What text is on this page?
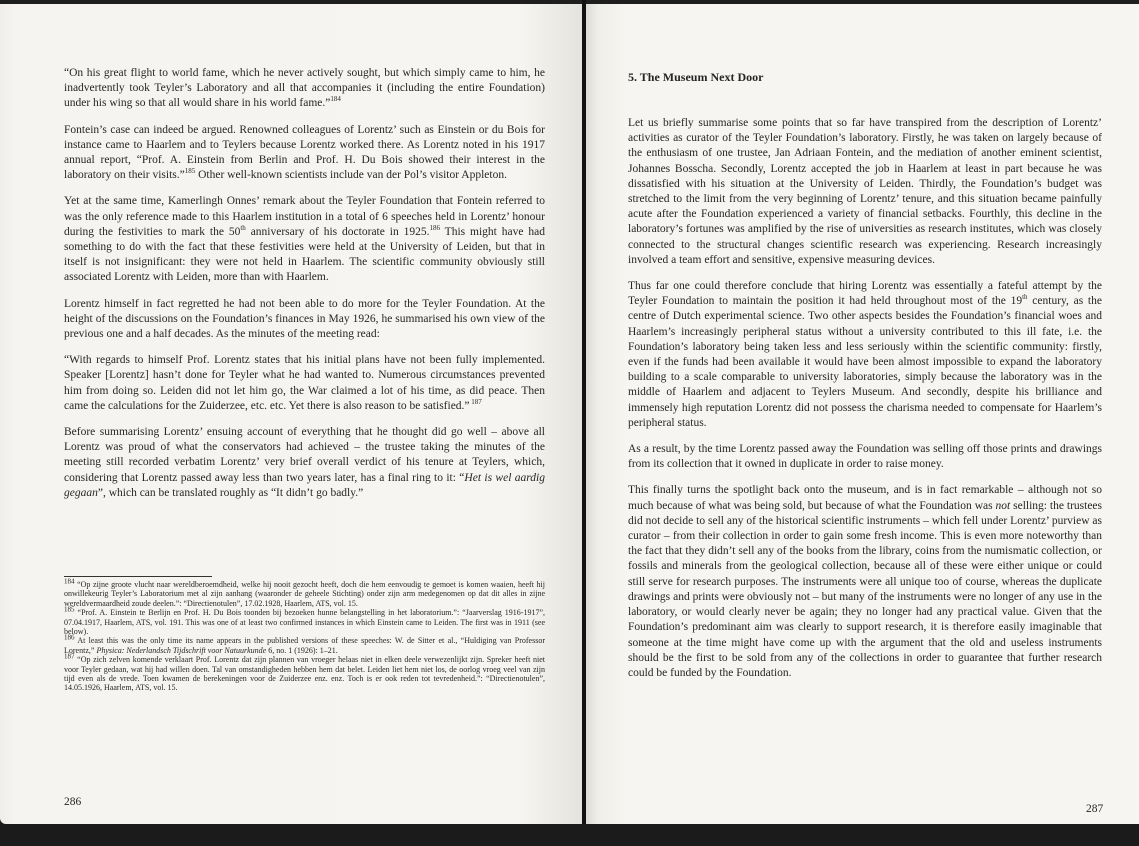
“On his great flight to world fame, which he never actively sought, but which simply came to him, he inadvertently took Teyler’s Laboratory and all that accompanies it (including the entire Foundation) under his wing so that all would share in his world fame.”$^{184}$

Fontein’s case can indeed be argued. Renowned colleagues of Lorentz’ such as Einstein or du Bois for instance came to Haarlem and to Teylers because Lorentz worked there. As Lorentz noted in his 1917 annual report, “Prof. A. Einstein from Berlin and Prof. H. Du Bois showed their interest in the laboratory on their visits.”$^{185}$ Other well-known scientists include van der Pol’s visitor Appleton.

Yet at the same time, Kamerlingh Onnes’ remark about the Teyler Foundation that Fontein referred to was the only reference made to this Haarlem institution in a total of 6 speeches held in Lorentz’ honour during the festivities to mark the 50th anniversary of his doctorate in 1925.$^{186}$ This might have had something to do with the fact that these festivities were held at the University of Leiden, but that in itself is not insignificant: they were not held in Haarlem. The scientific community obviously still associated Lorentz with Leiden, more than with Haarlem.

Lorentz himself in fact regretted he had not been able to do more for the Teyler Foundation. At the height of the discussions on the Foundation’s finances in May 1926, he summarised his own view of the previous one and a half decades. As the minutes of the meeting read:

“With regards to himself Prof. Lorentz states that his initial plans have not been fully implemented. Speaker [Lorentz] hasn’t done for Teyler what he had wanted to. Numerous circumstances prevented him from doing so. Leiden did not let him go, the War claimed a lot of his time, as did peace. Then came the calculations for the Zuiderzee, etc. etc. Yet there is also reason to be satisfied.” $^{187}$

Before summarising Lorentz’ ensuing account of everything that he thought did go well – above all Lorentz was proud of what the conservators had achieved – the trustee taking the minutes of the meeting still recorded verbatim Lorentz’ very brief overall verdict of his tenure at Teylers, which, considering that Lorentz passed away less than two years later, has a final ring to it: “Het is wel aardig gegaan”, which can be translated roughly as “It didn’t go badly.”

$^{184}$ “Op zijne groote vlucht naar wereldberoemdheid, welke hij nooit gezocht heeft, doch die hem eenvoudig te gemoet is komen waaien, heeft hij onwillekeurig Teyler’s Laboratorium met al zijn aanhang (waaronder de geheele Stichting) onder zijn arm medegenomen op dat dit alles in zijne wereldvermaardheid zoude deelen.”: “Directienotulen”, 17.02.1928, Haarlem, ATS, vol. 15.

$^{185}$ “Prof. A. Einstein te Berlijn en Prof. H. Du Bois toonden bij bezoeken hunne belangstelling in het laboratorium.”: “Jaarverslag 1916-1917”, 07.04.1917, Haarlem, ATS, vol. 191. This was one of at least two confirmed instances in which Einstein came to Leiden. The first was in 1911 (see below).

$^{186}$ At least this was the only time its name appears in the published versions of these speeches: W. de Sitter et al., “Huldiging van Professor Lorentz,” Physica: Nederlandsch Tijdschrift voor Natuurkunde 6, no. 1 (1926): 1–21.

$^{187}$ “Op zich zelven komende verklaart Prof. Lorentz dat zijn plannen van vroeger helaas niet in elken deele verwezenlijkt zijn. Spreker heeft niet voor Teyler gedaan, wat hij had willen doen. Tal van omstandigheden hebben hem dat belet. Leiden liet hem niet los, de oorlog vroeg veel van zijn tijd even als de vrede. Toen kwamen de berekeningen voor de Zuiderzee enz. enz. Toch is er ook reden tot tevredenheid.”: “Directienotulen”, 14.05.1926, Haarlem, ATS, vol. 15.

286
5. The Museum Next Door

Let us briefly summarise some points that so far have transpired from the description of Lorentz’ activities as curator of the Teyler Foundation’s laboratory. Firstly, he was taken on largely because of the enthusiasm of one trustee, Jan Adriaan Fontein, and the mediation of another eminent scientist, Johannes Bosscha. Secondly, Lorentz accepted the job in Haarlem at least in part because he was dissatisfied with his situation at the University of Leiden. Thirdly, the Foundation’s budget was stretched to the limit from the very beginning of Lorentz’ tenure, and this situation became painfully acute after the Foundation experienced a variety of financial setbacks. Fourthly, this decline in the laboratory’s fortunes was amplified by the rise of universities as research institutes, which was closely connected to the structural changes scientific research was experiencing. Research increasingly involved a team effort and sensitive, expensive measuring devices.

Thus far one could therefore conclude that hiring Lorentz was essentially a fateful attempt by the Teyler Foundation to maintain the position it had held throughout most of the 19th century, as the centre of Dutch experimental science. Two other aspects besides the Foundation’s financial woes and Haarlem’s increasingly peripheral status without a university contributed to this ill fate, i.e. the Foundation’s laboratory being taken less and less seriously within the scientific community: firstly, even if the funds had been available it would have been almost impossible to expand the laboratory building to a scale comparable to university laboratories, simply because the laboratory was in the middle of Haarlem and adjacent to Teylers Museum. And secondly, despite his brilliance and immensely high reputation Lorentz did not possess the charisma needed to compensate for Haarlem’s peripheral status.

As a result, by the time Lorentz passed away the Foundation was selling off those prints and drawings from its collection that it owned in duplicate in order to raise money.

This finally turns the spotlight back onto the museum, and is in fact remarkable – although not so much because of what was being sold, but because of what the Foundation was not selling: the trustees did not decide to sell any of the historical scientific instruments – which fell under Lorentz’ purview as curator – from their collection in order to gain some fresh income. This is even more noteworthy than the fact that they didn’t sell any of the books from the library, coins from the numismatic collection, or fossils and minerals from the geological collection, because all of these were either unique or could still serve for research purposes. The instruments were all unique too of course, whereas the duplicate drawings and prints were obviously not – but many of the instruments were no longer of any use in the laboratory, or would clearly never be again; they no longer had any practical value. Given that the Foundation’s predominant aim was clearly to support research, it is therefore easily imaginable that someone at the time might have come up with the argument that the old and useless instruments should be the first to be sold from any of the collections in order to guarantee that further research could be funded by the Foundation.

287
